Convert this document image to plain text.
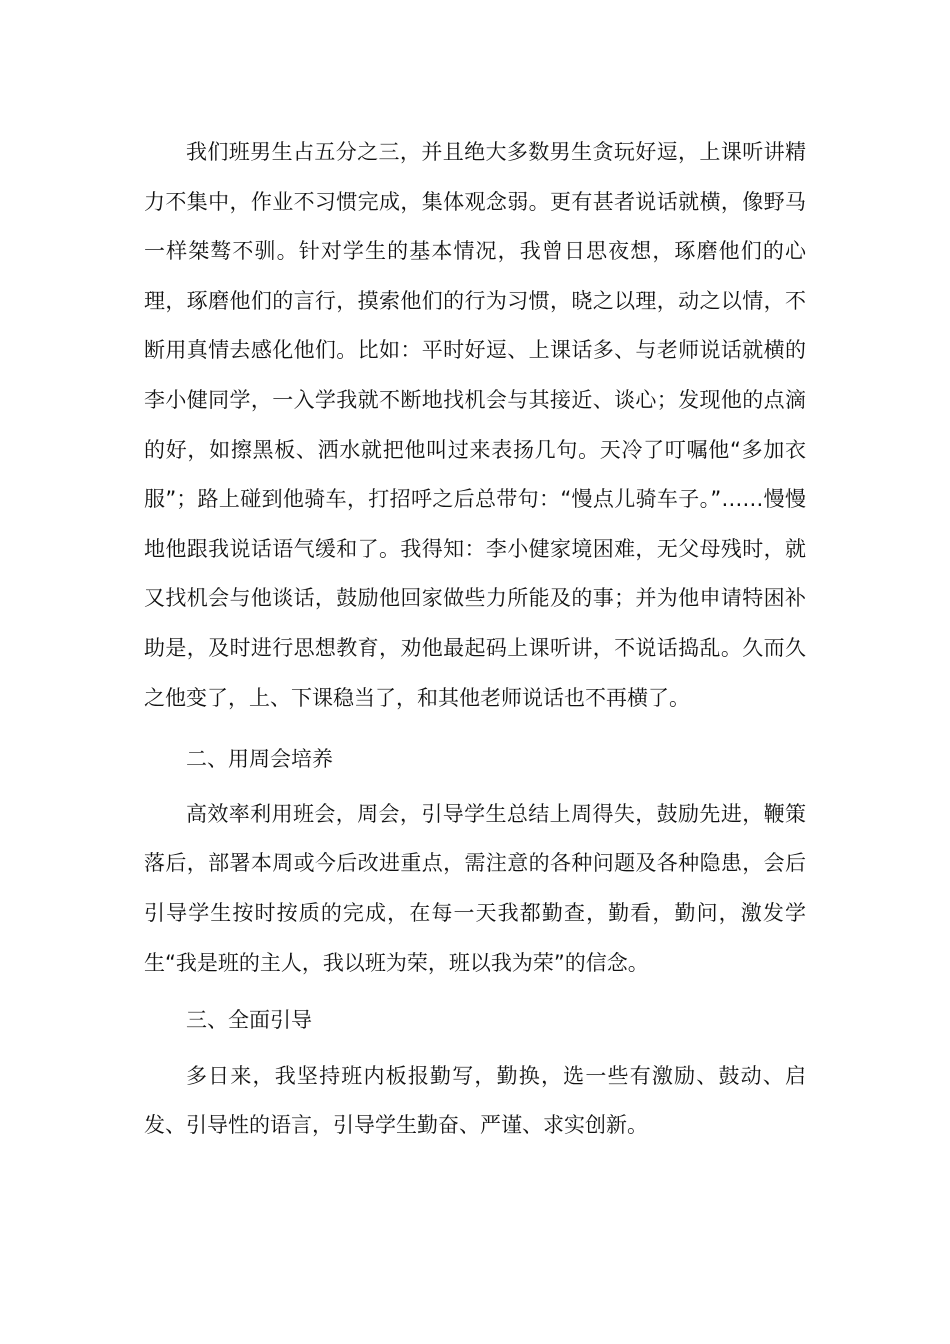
我们班男生占五分之三，并且绝大多数男生贪玩好逗，上课听讲精力不集中，作业不习惯完成，集体观念弱。更有甚者说话就横，像野马一样桀骜不驯。针对学生的基本情况，我曾日思夜想，琢磨他们的心理，琢磨他们的言行，摸索他们的行为习惯，晓之以理，动之以情，不断用真情去感化他们。比如：平时好逗、上课话多、与老师说话就横的李小健同学，一入学我就不断地找机会与其接近、谈心；发现他的点滴的好，如擦黑板、洒水就把他叫过来表扬几句。天冷了叮嘱他“多加衣服”；路上碰到他骑车，打招呼之后总带句：“慢点儿骑车子。”……慢慢地他跟我说话语气缓和了。我得知：李小健家境困难，无父母残时，就又找机会与他谈话，鼓励他回家做些力所能及的事；并为他申请特困补助是，及时进行思想教育，劝他最起码上课听讲，不说话捣乱。久而久之他变了，上、下课稳当了，和其他老师说话也不再横了。

二、用周会培养

高效率利用班会，周会，引导学生总结上周得失，鼓励先进，鞭策落后，部署本周或今后改进重点，需注意的各种问题及各种隐患，会后引导学生按时按质的完成，在每一天我都勤查，勤看，勤问，激发学生“我是班的主人，我以班为荣，班以我为荣”的信念。

三、全面引导

多日来，我坚持班内板报勤写，勤换，选一些有激励、鼓动、启发、引导性的语言，引导学生勤奋、严谨、求实创新。
